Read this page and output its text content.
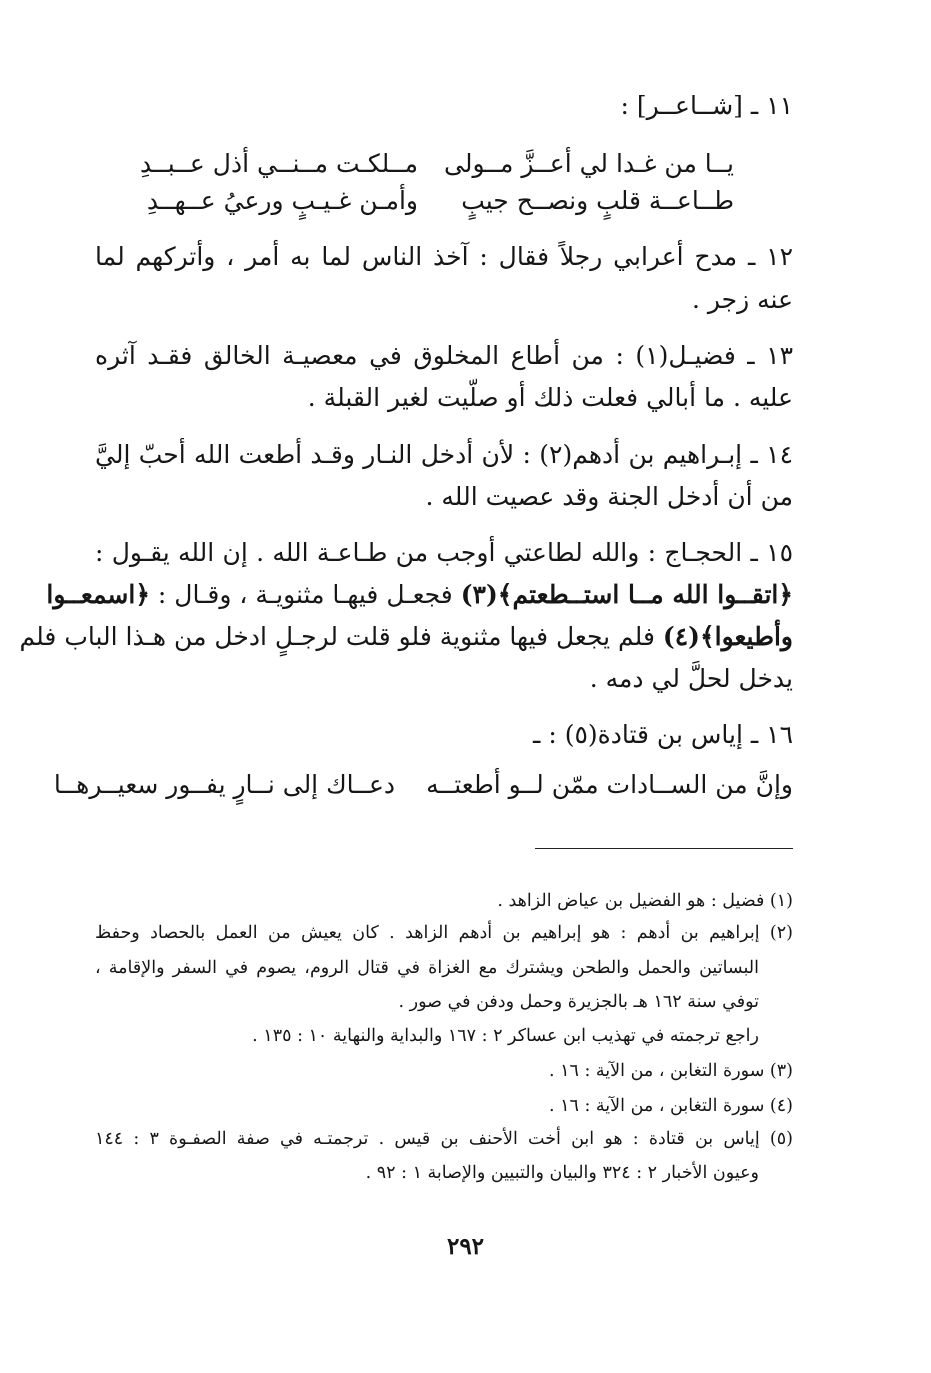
١١ ـ [شــاعــر] :

يــا من غـدا لي أعــزَّ مــولى
مــلكـت مــنــي أذل عــبــدِ
طــاعــة قلبٍ ونصــح جيبٍ
وأمـن غـيـبٍ ورعيُ عــهــدِ

١٢ ـ مدح أعرابي رجلاً فقال : آخذ الناس لما به أمر ، وأتركهم لما

عنه زجر .

١٣ ـ فضيـل(١) : من أطاع المخلوق في معصيـة الخالق فقـد آثره

عليه . ما أبالي فعلت ذلك أو صلّيت لغير القبلة .

١٤ ـ إبـراهيم بن أدهم(٢) : لأن أدخل النـار وقـد أطعت الله أحبّ إليَّ

من أن أدخل الجنة وقد عصيت الله .

١٥ ـ الحجـاج : والله لطاعتي أوجب من طـاعـة الله . إن الله يقـول :

﴿اتقــوا الله مــا استــطعتم﴾(٣) فجعـل فيهـا مثنويـة ، وقـال : ﴿اسمعــوا

وأطيعوا﴾(٤) فلم يجعل فيها مثنوية فلو قلت لرجـلٍ ادخل من هـذا الباب فلم

يدخل لحلَّ لي دمه .

١٦ ـ إياس بن قتادة(٥) : ـ

وإنَّ من الســادات ممّن لــو أطعتــه
دعــاك إلى نــارٍ يفــور سعيــرهــا

(١) فضيل : هو الفضيل بن عياض الزاهد .

(٢) إبراهيم بن أدهم : هو إبراهيم بن أدهم الزاهد . كان يعيش من العمل بالحصاد وحفظ

البساتين والحمل والطحن ويشترك مع الغزاة في قتال الروم، يصوم في السفر والإقامة ،

توفي سنة ١٦٢ هـ بالجزيرة وحمل ودفن في صور .

راجع ترجمته في تهذيب ابن عساكر ٢ : ١٦٧ والبداية والنهاية ١٠ : ١٣٥ .

(٣) سورة التغابن ، من الآية : ١٦ .

(٤) سورة التغابن ، من الآية : ١٦ .

(٥) إياس بن قتادة : هو ابن أخت الأحنف بن قيس . ترجمتـه في صفة الصفـوة ٣ : ١٤٤

وعيون الأخبار ٢ : ٣٢٤ والبيان والتبيين والإصابة ١ : ٩٢ .

٢٩٢
